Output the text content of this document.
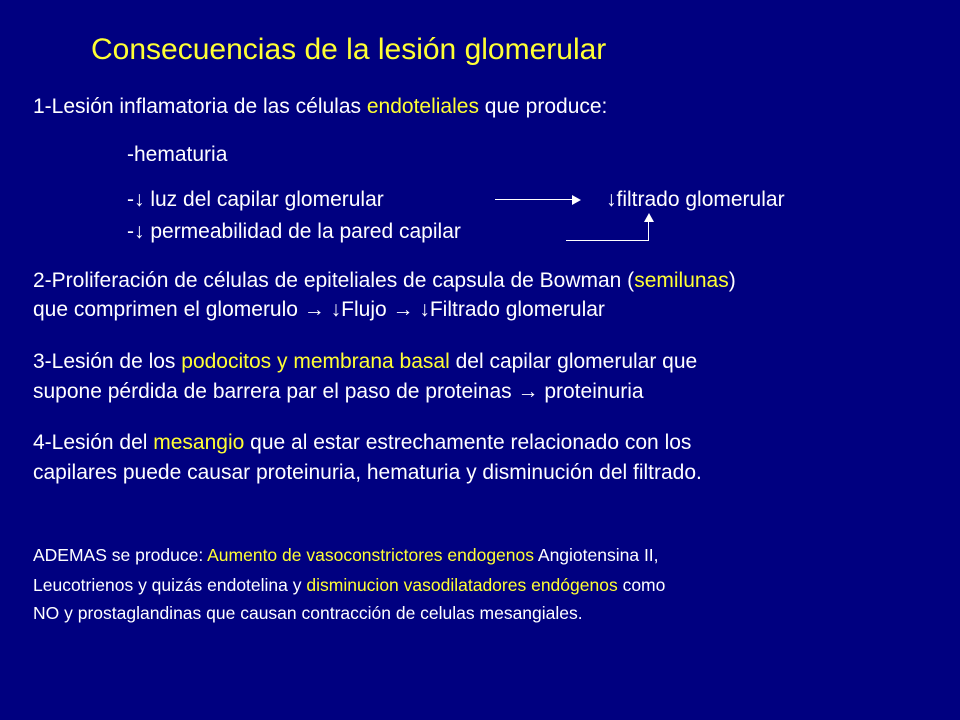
Consecuencias de la lesión glomerular
1-Lesión inflamatoria de las células endoteliales que produce:
-hematuria
-↓ luz del capilar glomerular	↓filtrado glomerular
-↓ permeabilidad de la pared capilar
2-Proliferación de células de epiteliales de capsula de Bowman (semilunas)
que comprimen el glomerulo → ↓Flujo → ↓Filtrado glomerular
3-Lesión de los podocitos y membrana basal del capilar glomerular que
supone pérdida de barrera par el paso de proteinas → proteinuria
4-Lesión del mesangio que al estar estrechamente relacionado con los
capilares puede causar proteinuria, hematuria y disminución del filtrado.
ADEMAS se produce: Aumento de vasoconstrictores endogenos Angiotensina II,
Leucotrienos y quizás endotelina y disminucion vasodilatadores endógenos como
NO y prostaglandinas que causan contracción de celulas mesangiales.
